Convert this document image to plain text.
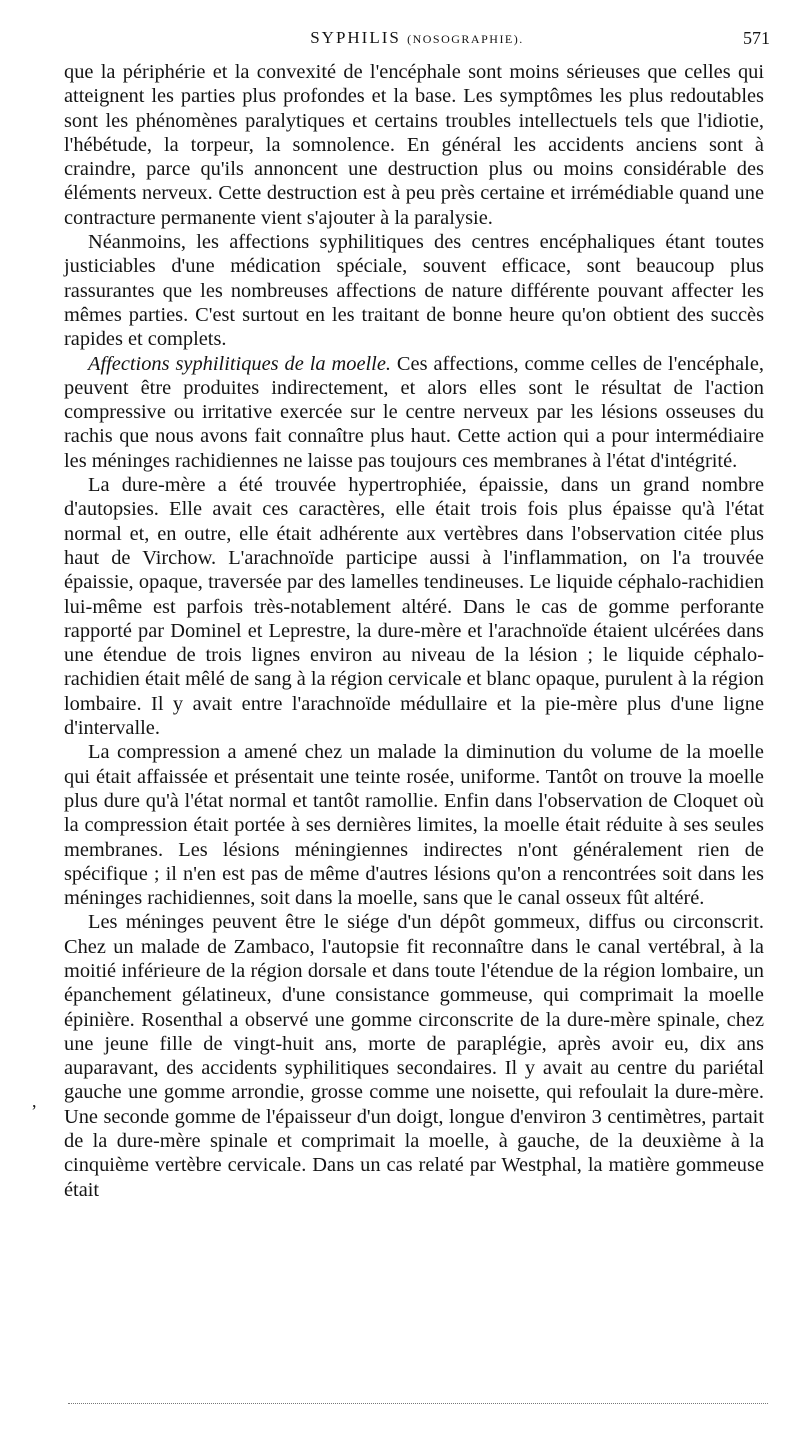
SYPHILIS (NOSOGRAPHIE).	571
,

que la périphérie et la convexité de l'encéphale sont moins sérieuses que celles qui atteignent les parties plus profondes et la base. Les symptômes les plus redoutables sont les phénomènes paralytiques et certains troubles intellectuels tels que l'idiotie, l'hébétude, la torpeur, la somnolence. En général les accidents anciens sont à craindre, parce qu'ils annoncent une destruction plus ou moins considérable des éléments nerveux. Cette destruction est à peu près certaine et irrémédiable quand une contracture permanente vient s'ajouter à la paralysie.

Néanmoins, les affections syphilitiques des centres encéphaliques étant toutes justiciables d'une médication spéciale, souvent efficace, sont beaucoup plus rassurantes que les nombreuses affections de nature différente pouvant affecter les mêmes parties. C'est surtout en les traitant de bonne heure qu'on obtient des succès rapides et complets.

Affections syphilitiques de la moelle. Ces affections, comme celles de l'encéphale, peuvent être produites indirectement, et alors elles sont le résultat de l'action compressive ou irritative exercée sur le centre nerveux par les lésions osseuses du rachis que nous avons fait connaître plus haut. Cette action qui a pour intermédiaire les méninges rachidiennes ne laisse pas toujours ces membranes à l'état d'intégrité.

La dure-mère a été trouvée hypertrophiée, épaissie, dans un grand nombre d'autopsies. Elle avait ces caractères, elle était trois fois plus épaisse qu'à l'état normal et, en outre, elle était adhérente aux vertèbres dans l'observation citée plus haut de Virchow. L'arachnoïde participe aussi à l'inflammation, on l'a trouvée épaissie, opaque, traversée par des lamelles tendineuses. Le liquide céphalo-rachidien lui-même est parfois très-notablement altéré. Dans le cas de gomme perforante rapporté par Dominel et Leprestre, la dure-mère et l'arachnoïde étaient ulcérées dans une étendue de trois lignes environ au niveau de la lésion ; le liquide céphalo-rachidien était mêlé de sang à la région cervicale et blanc opaque, purulent à la région lombaire. Il y avait entre l'arachnoïde médullaire et la pie-mère plus d'une ligne d'intervalle.

La compression a amené chez un malade la diminution du volume de la moelle qui était affaissée et présentait une teinte rosée, uniforme. Tantôt on trouve la moelle plus dure qu'à l'état normal et tantôt ramollie. Enfin dans l'observation de Cloquet où la compression était portée à ses dernières limites, la moelle était réduite à ses seules membranes. Les lésions méningiennes indirectes n'ont généralement rien de spécifique ; il n'en est pas de même d'autres lésions qu'on a rencontrées soit dans les méninges rachidiennes, soit dans la moelle, sans que le canal osseux fût altéré.

Les méninges peuvent être le siége d'un dépôt gommeux, diffus ou circonscrit. Chez un malade de Zambaco, l'autopsie fit reconnaître dans le canal vertébral, à la moitié inférieure de la région dorsale et dans toute l'étendue de la région lombaire, un épanchement gélatineux, d'une consistance gommeuse, qui comprimait la moelle épinière. Rosenthal a observé une gomme circonscrite de la dure-mère spinale, chez une jeune fille de vingt-huit ans, morte de paraplégie, après avoir eu, dix ans auparavant, des accidents syphilitiques secondaires. Il y avait au centre du pariétal gauche une gomme arrondie, grosse comme une noisette, qui refoulait la dure-mère. Une seconde gomme de l'épaisseur d'un doigt, longue d'environ 3 centimètres, partait de la dure-mère spinale et comprimait la moelle, à gauche, de la deuxième à la cinquième vertèbre cervicale. Dans un cas relaté par Westphal, la matière gommeuse était
